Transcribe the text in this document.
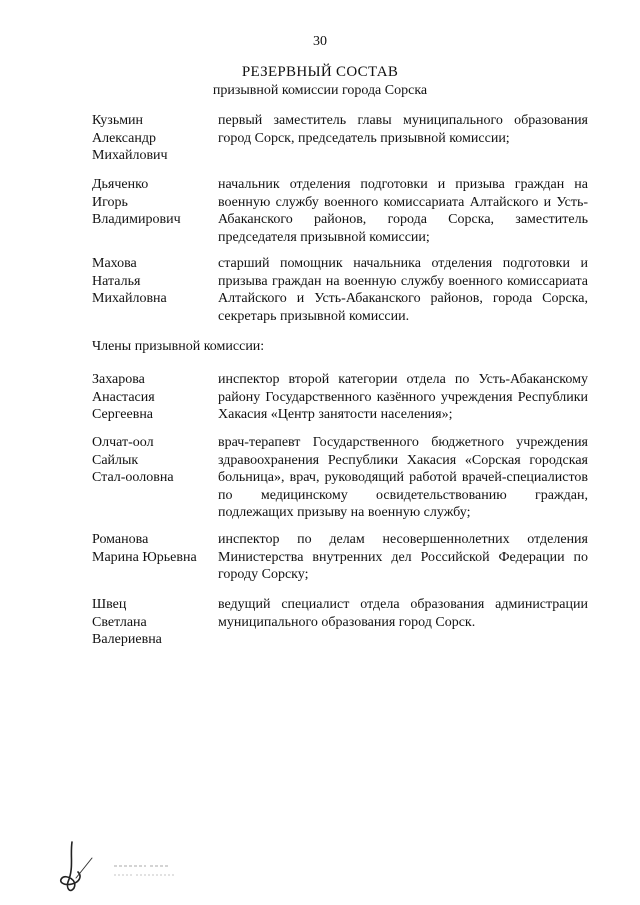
30
РЕЗЕРВНЫЙ СОСТАВ
призывной комиссии города Сорска
Кузьмин
Александр
Михайлович
первый заместитель главы муниципального образования город Сорск, председатель призывной комиссии;
Дьяченко
Игорь
Владимирович
начальник отделения подготовки и призыва граждан на военную службу военного комиссариата Алтайского и Усть-Абаканского районов, города Сорска, заместитель председателя призывной комиссии;
Махова
Наталья
Михайловна
старший помощник начальника отделения подготовки и призыва граждан на военную службу военного комиссариата Алтайского и Усть-Абаканского районов, города Сорска, секретарь призывной комиссии.
Члены призывной комиссии:
Захарова
Анастасия
Сергеевна
инспектор второй категории отдела по Усть-Абаканскому району Государственного казённого учреждения Республики Хакасия «Центр занятости населения»;
Олчат-оол
Сайлык
Стал-ооловна
врач-терапевт Государственного бюджетного учреждения здравоохранения Республики Хакасия «Сорская городская больница», врач, руководящий работой врачей-специалистов по медицинскому освидетельствованию граждан, подлежащих призыву на военную службу;
Романова
Марина Юрьевна
инспектор по делам несовершеннолетних отделения Министерства внутренних дел Российской Федерации по городу Сорску;
Швец
Светлана
Валериевна
ведущий специалист отдела образования администрации муниципального образования город Сорск.
